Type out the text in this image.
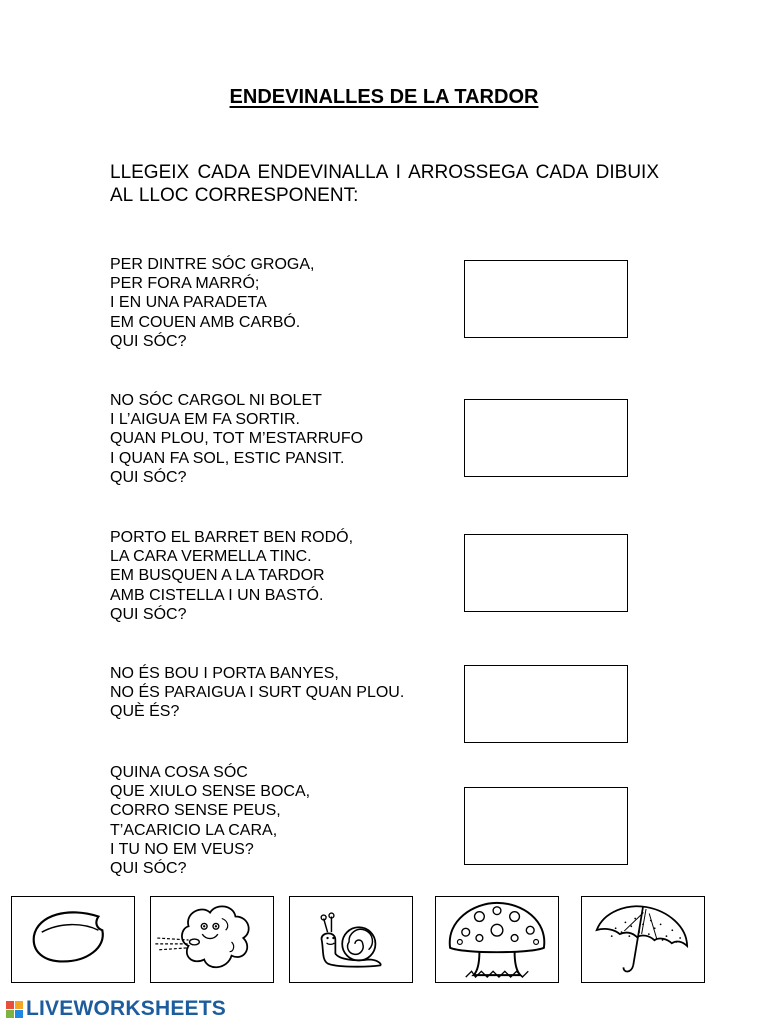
ENDEVINALLES DE LA TARDOR
LLEGEIX CADA ENDEVINALLA I ARROSSEGA CADA DIBUIX AL LLOC CORRESPONENT:
PER DINTRE SÓC GROGA,
PER FORA MARRÓ;
I EN UNA PARADETA
EM COUEN AMB CARBÓ.
QUI SÓC?
NO SÓC CARGOL NI BOLET
I L’AIGUA EM FA SORTIR.
QUAN PLOU, TOT M’ESTARRUFO
I QUAN FA SOL, ESTIC PANSIT.
QUI SÓC?
PORTO EL BARRET BEN RODÓ,
LA CARA VERMELLA TINC.
EM BUSQUEN A LA TARDOR
AMB CISTELLA I UN BASTÓ.
QUI SÓC?
NO ÉS BOU I PORTA BANYES,
NO ÉS PARAIGUA I SURT QUAN PLOU.
QUÈ ÉS?
QUINA COSA SÓC
QUE XIULO SENSE BOCA,
CORRO SENSE PEUS,
T’ACARICIO LA CARA,
I TU NO EM VEUS?
QUI SÓC?
LIVEWORKSHEETS
